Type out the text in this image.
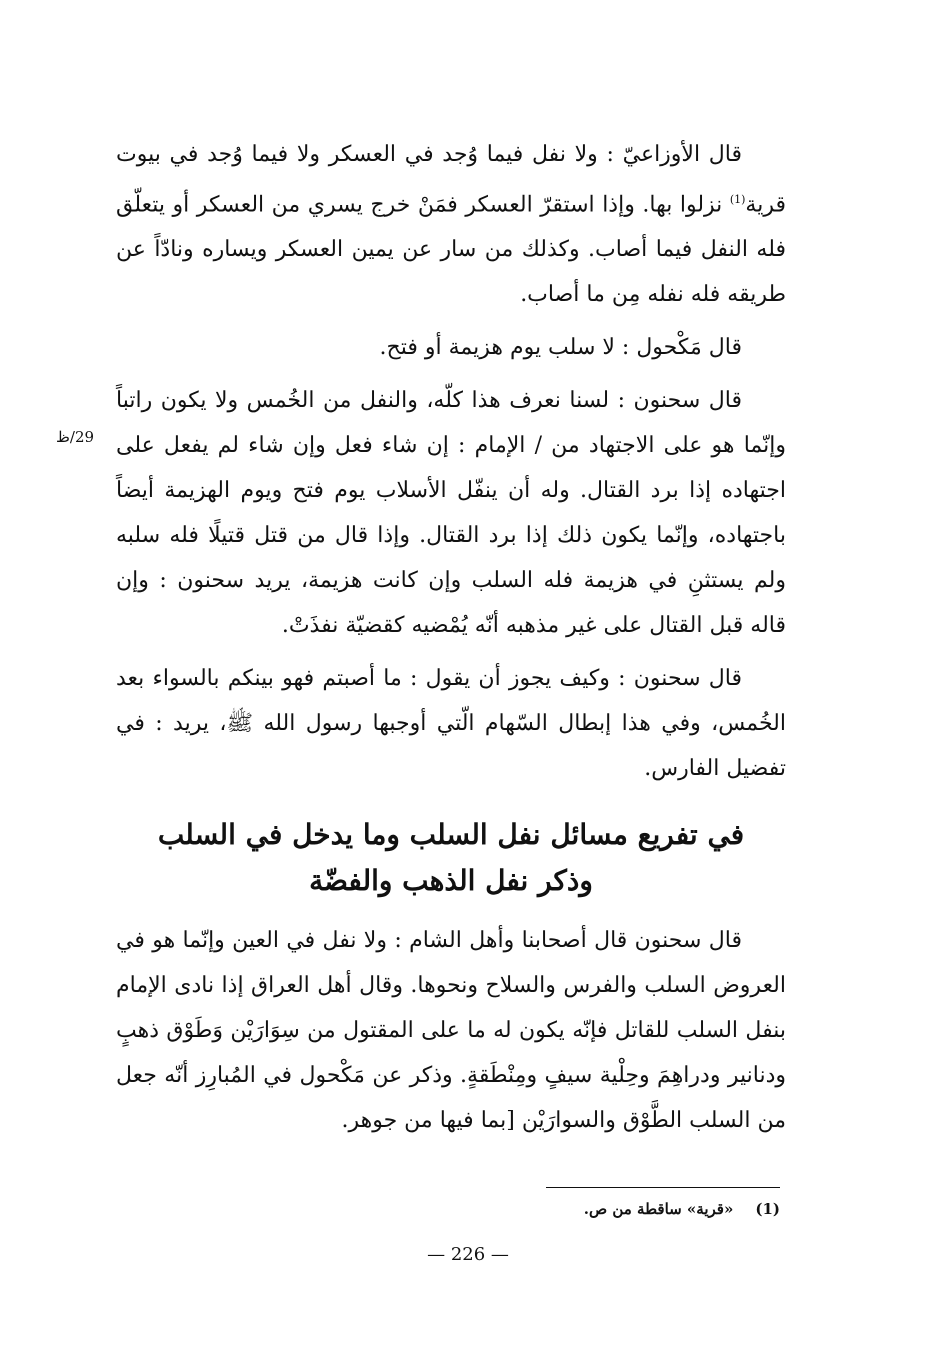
قال الأوزاعيّ : ولا نفل فيما وُجد في العسكر ولا فيما وُجد في بيوت قرية$^{(1)}$ نزلوا بها. وإذا استقرّ العسكر فمَنْ خرج يسري من العسكر أو يتعلّق فله النفل فيما أصاب. وكذلك من سار عن يمين العسكر ويساره ونادّاً عن طريقه فله نفله مِن ما أصاب.

قال مَكْحول : لا سلب يوم هزيمة أو فتح.

قال سحنون : لسنا نعرف هذا كلّه، والنفل من الخُمس ولا يكون راتباً وإنّما هو على الاجتهاد من / الإمام : إن شاء فعل وإن شاء لم يفعل على اجتهاده إذا برد القتال. وله أن ينفّل الأسلاب يوم فتح ويوم الهزيمة أيضاً باجتهاده، وإنّما يكون ذلك إذا برد القتال. وإذا قال من قتل قتيلًا فله سلبه ولم يستثنِ في هزيمة فله السلب وإن كانت هزيمة، يريد سحنون : وإن قاله قبل القتال على غير مذهبه أنّه يُمْضيه كقضيّة نفذَتْ.

قال سحنون : وكيف يجوز أن يقول : ما أصبتم فهو بينكم بالسواء بعد الخُمس، وفي هذا إبطال السّهام الّتي أوجبها رسول الله ﷺ، يريد : في تفضيل الفارس.

29/ظ
في تفريع مسائل نفل السلب وما يدخل في السلب
وذكر نفل الذهب والفضّة

قال سحنون قال أصحابنا وأهل الشام : ولا نفل في العين وإنّما هو في العروض السلب والفرس والسلاح ونحوها. وقال أهل العراق إذا نادى الإمام بنفل السلب للقاتل فإنّه يكون له ما على المقتول من سِوَارَيْن وَطَوْق ذهبٍ ودنانير ودراهِمَ وحِلْية سيفٍ ومِنْطَقةٍ. وذكر عن مَكْحول في المُبارِز أنّه جعل من السلب الطَّوْق والسوارَيْن [بما فيها من جوهر.

(1)«قرية» ساقطة من ص.
— 226 —
